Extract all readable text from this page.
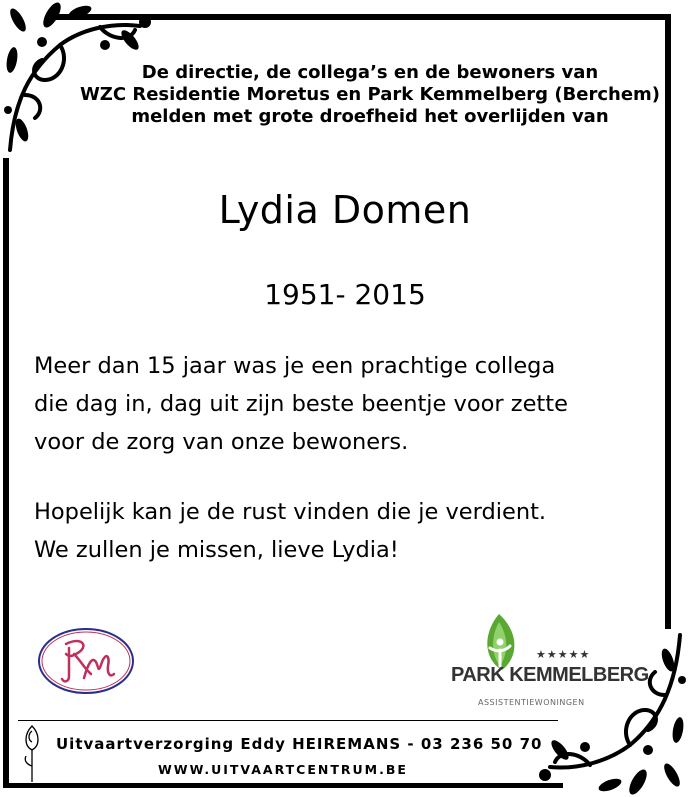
De directie, de collega’s en de bewoners van
WZC Residentie Moretus en Park Kemmelberg (Berchem)
melden met grote droefheid het overlijden van
Lydia Domen
1951- 2015
Meer dan 15 jaar was je een prachtige collega
die dag in, dag uit zijn beste beentje voor zette
voor de zorg van onze bewoners.
Hopelijk kan je de rust vinden die je verdient.
We zullen je missen, lieve Lydia!
★★★★★
PARK KEMMELBERG
ASSISTENTIEWONINGEN
Uitvaartverzorging Eddy HEIREMANS - 03 236 50 70
WWW.UITVAARTCENTRUM.BE
